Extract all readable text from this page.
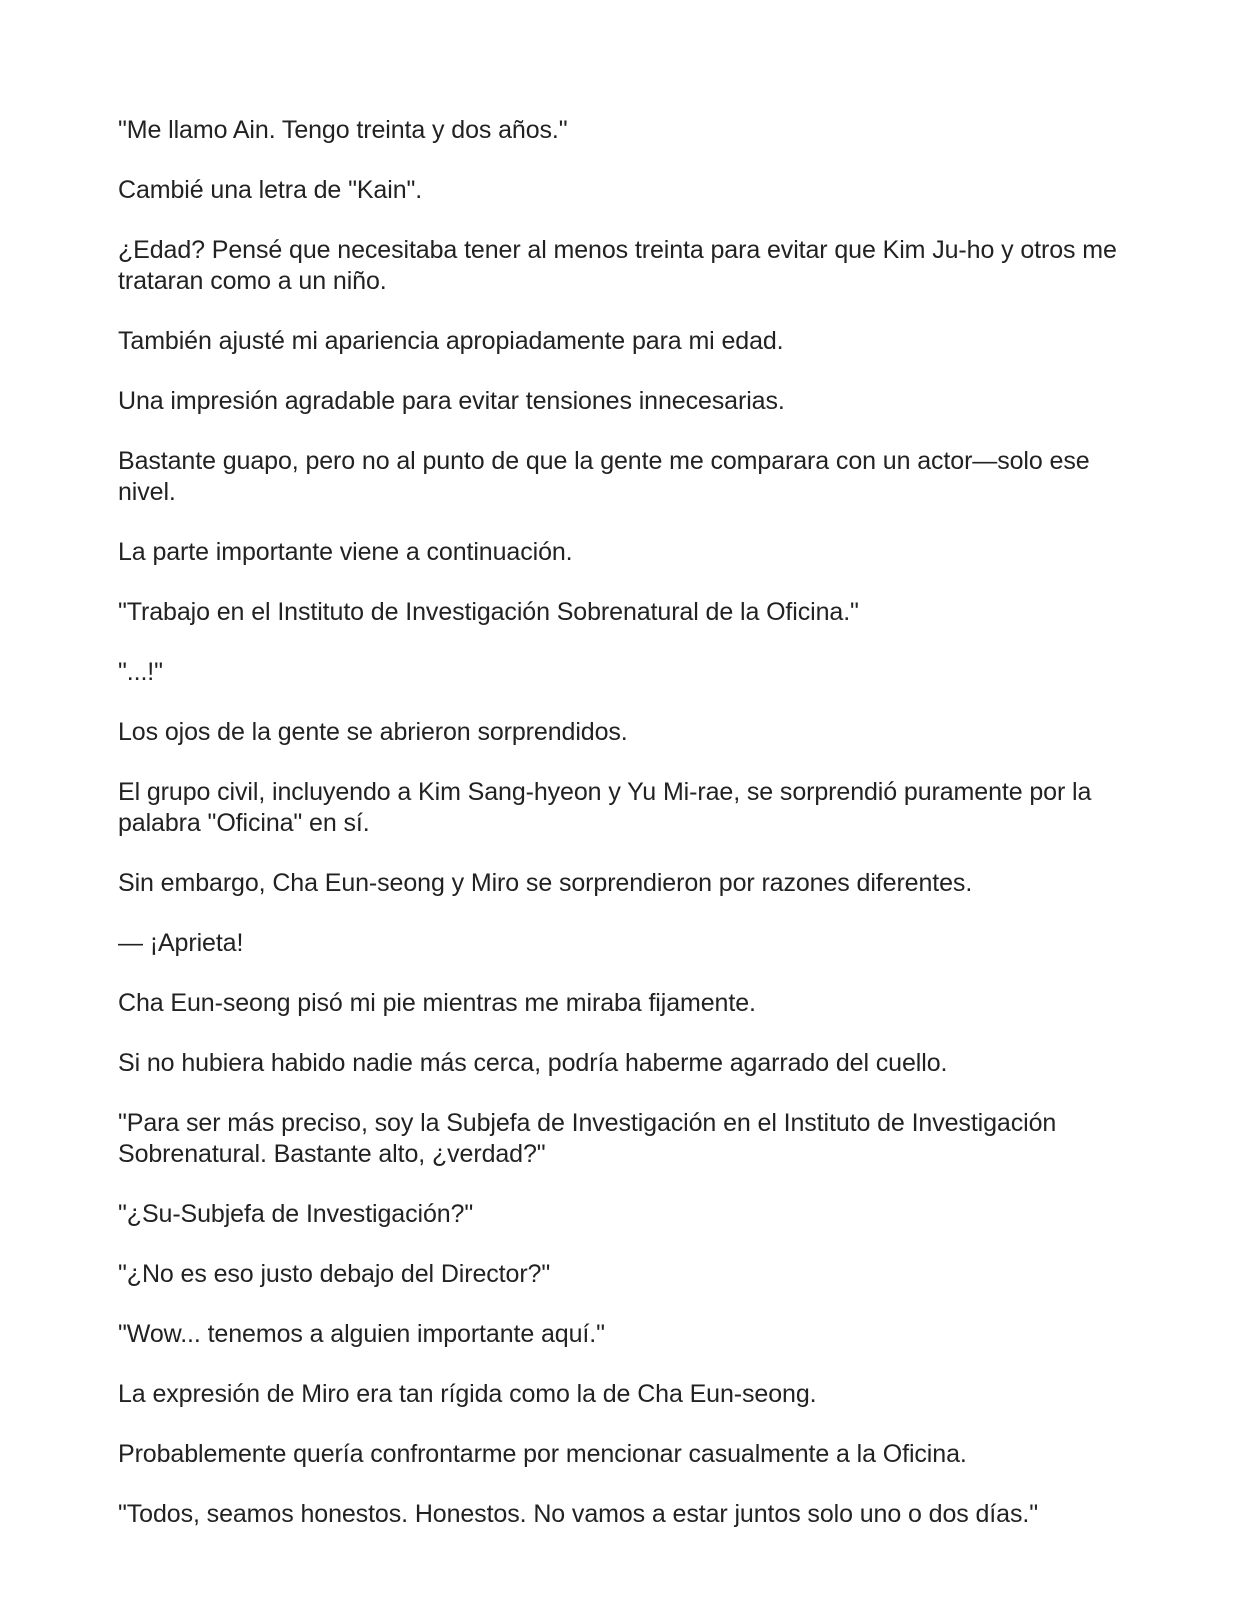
"Me llamo Ain. Tengo treinta y dos años."

Cambié una letra de "Kain".

¿Edad? Pensé que necesitaba tener al menos treinta para evitar que Kim Ju-ho y otros me trataran como a un niño.

También ajusté mi apariencia apropiadamente para mi edad.

Una impresión agradable para evitar tensiones innecesarias.

Bastante guapo, pero no al punto de que la gente me comparara con un actor—solo ese nivel.

La parte importante viene a continuación.

"Trabajo en el Instituto de Investigación Sobrenatural de la Oficina."

"...!"

Los ojos de la gente se abrieron sorprendidos.

El grupo civil, incluyendo a Kim Sang-hyeon y Yu Mi-rae, se sorprendió puramente por la palabra "Oficina" en sí.

Sin embargo, Cha Eun-seong y Miro se sorprendieron por razones diferentes.

— ¡Aprieta!

Cha Eun-seong pisó mi pie mientras me miraba fijamente.

Si no hubiera habido nadie más cerca, podría haberme agarrado del cuello.

"Para ser más preciso, soy la Subjefa de Investigación en el Instituto de Investigación Sobrenatural. Bastante alto, ¿verdad?"

"¿Su-Subjefa de Investigación?"

"¿No es eso justo debajo del Director?"

"Wow... tenemos a alguien importante aquí."

La expresión de Miro era tan rígida como la de Cha Eun-seong.

Probablemente quería confrontarme por mencionar casualmente a la Oficina.

"Todos, seamos honestos. Honestos. No vamos a estar juntos solo uno o dos días."
